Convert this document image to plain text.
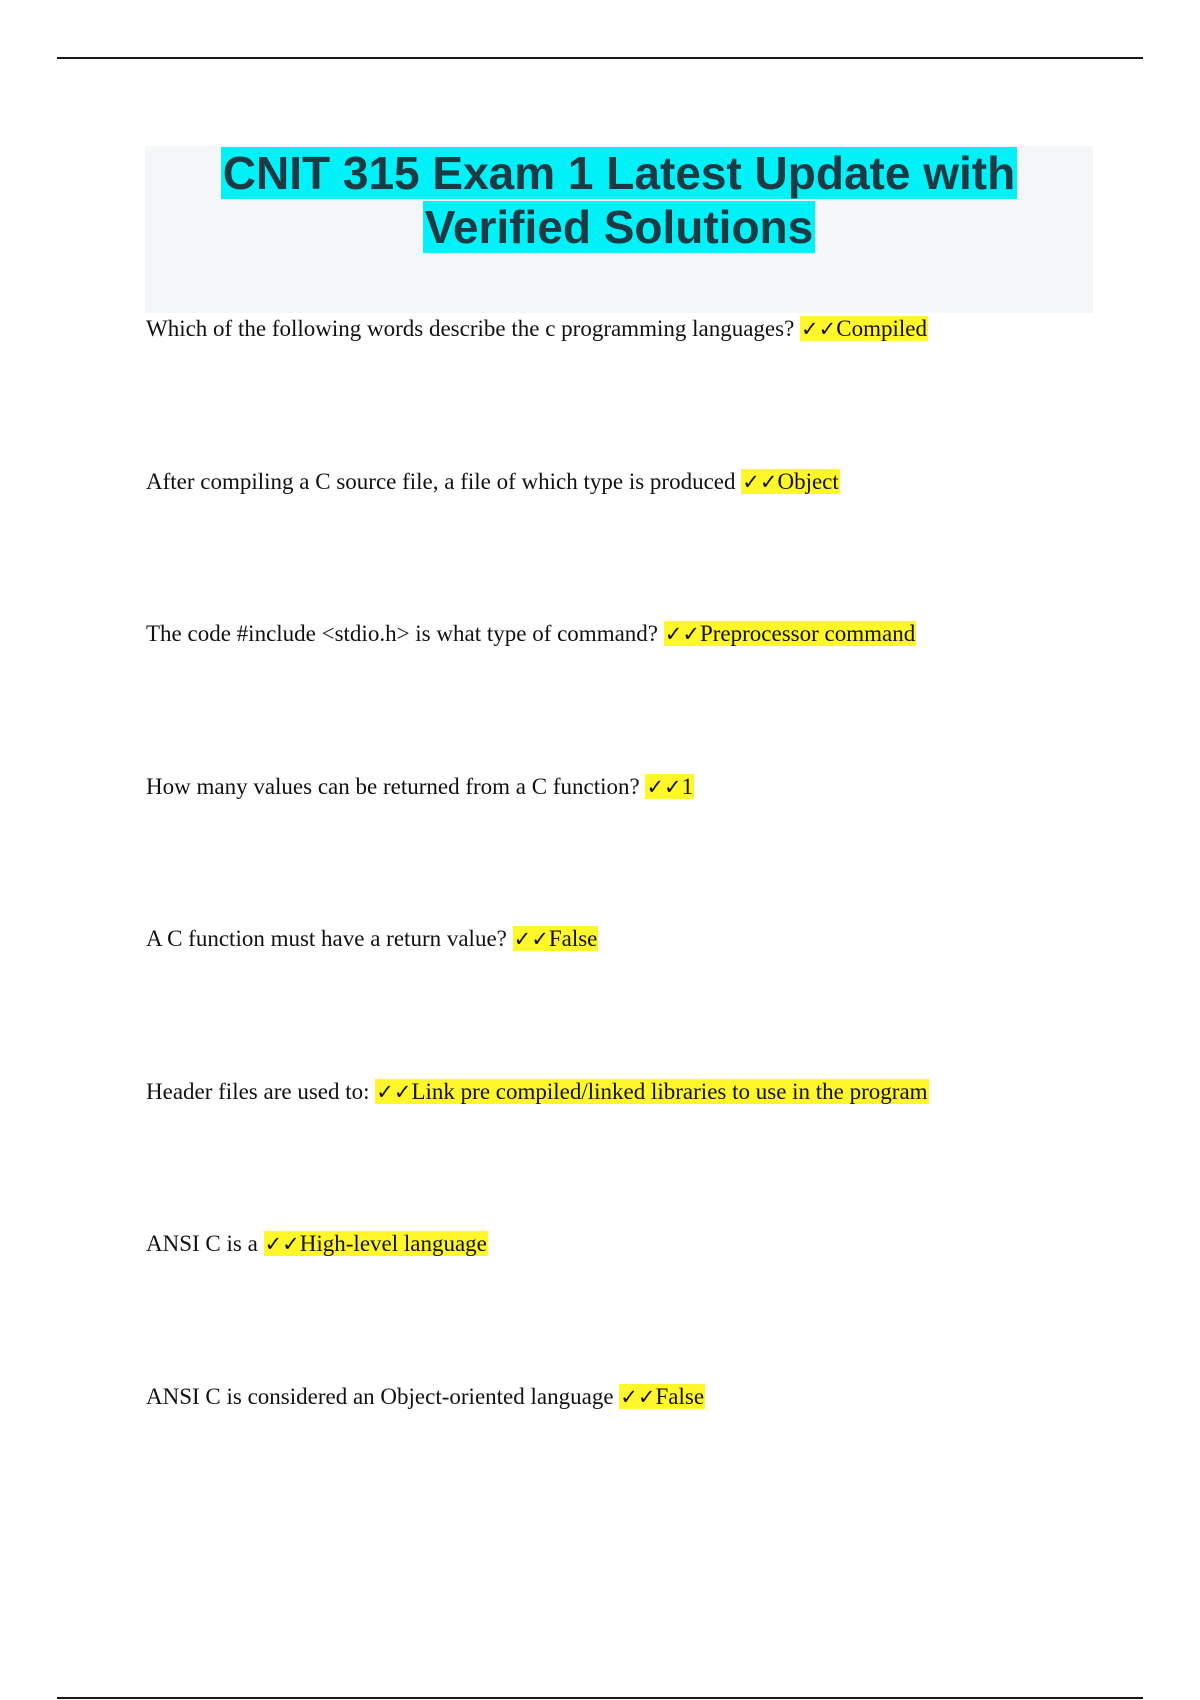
CNIT 315 Exam 1 Latest Update with
Verified Solutions

Which of the following words describe the c programming languages? ✓✓Compiled

After compiling a C source file, a file of which type is produced ✓✓Object

The code #include <stdio.h> is what type of command? ✓✓Preprocessor command

How many values can be returned from a C function? ✓✓1

A C function must have a return value? ✓✓False

Header files are used to: ✓✓Link pre compiled/linked libraries to use in the program

ANSI C is a ✓✓High-level language

ANSI C is considered an Object-oriented language ✓✓False
